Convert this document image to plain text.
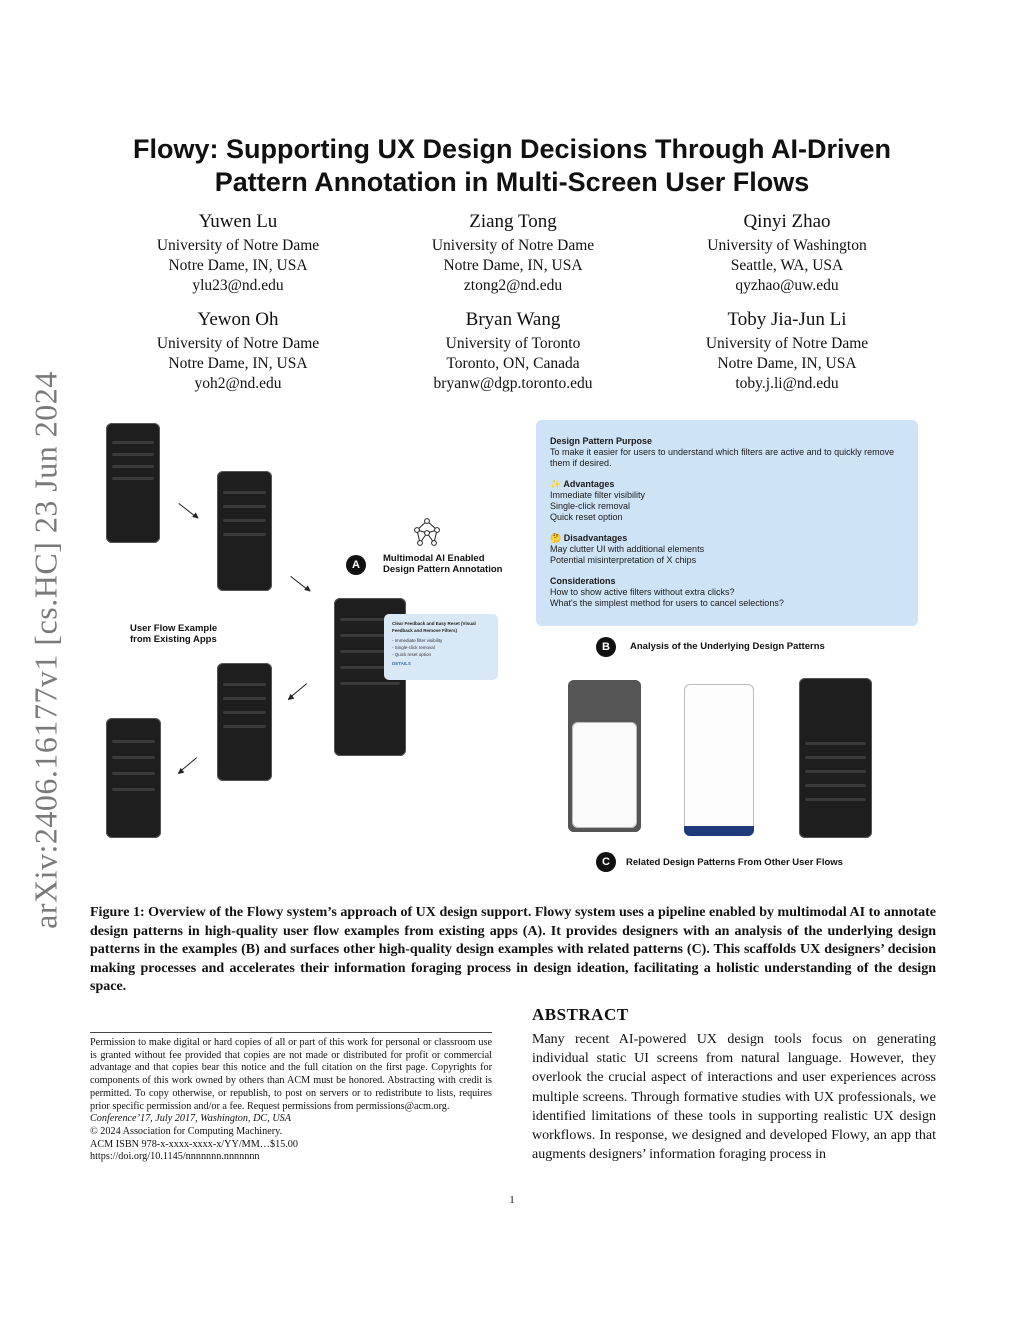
arXiv:2406.16177v1 [cs.HC] 23 Jun 2024
Flowy: Supporting UX Design Decisions Through AI-Driven
Pattern Annotation in Multi-Screen User Flows
Yuwen Lu
University of Notre Dame
Notre Dame, IN, USA
ylu23@nd.edu
Ziang Tong
University of Notre Dame
Notre Dame, IN, USA
ztong2@nd.edu
Qinyi Zhao
University of Washington
Seattle, WA, USA
qyzhao@uw.edu
Yewon Oh
University of Notre Dame
Notre Dame, IN, USA
yoh2@nd.edu
Bryan Wang
University of Toronto
Toronto, ON, Canada
bryanw@dgp.toronto.edu
Toby Jia-Jun Li
University of Notre Dame
Notre Dame, IN, USA
toby.j.li@nd.edu
User Flow Example from Existing Apps
A
Multimodal AI Enabled Design Pattern Annotation
Clear Feedback and Easy Reset (Visual Feedback and Remove Filters)
- Immediate filter visibility
- Single-click removal
- Quick reset option
DETAILS
Design Pattern Purpose
To make it easier for users to understand which filters are active and to quickly remove them if desired.
✨ Advantages
Immediate filter visibility
Single-click removal
Quick reset option
🤔 Disadvantages
May clutter UI with additional elements
Potential misinterpretation of X chips
Considerations
How to show active filters without extra clicks?
What's the simplest method for users to cancel selections?
B	Analysis of the Underlying Design Patterns
C	Related Design Patterns From Other User Flows
Figure 1: Overview of the Flowy system’s approach of UX design support. Flowy system uses a pipeline enabled by multimodal AI to annotate design patterns in high-quality user flow examples from existing apps (A). It provides designers with an analysis of the underlying design patterns in the examples (B) and surfaces other high-quality design examples with related patterns (C). This scaffolds UX designers’ decision making processes and accelerates their information foraging process in design ideation, facilitating a holistic understanding of the design space.
ABSTRACT
Many recent AI-powered UX design tools focus on generating individual static UI screens from natural language. However, they overlook the crucial aspect of interactions and user experiences across multiple screens. Through formative studies with UX professionals, we identified limitations of these tools in supporting realistic UX design workflows. In response, we designed and developed Flowy, an app that augments designers’ information foraging process in
Permission to make digital or hard copies of all or part of this work for personal or classroom use is granted without fee provided that copies are not made or distributed for profit or commercial advantage and that copies bear this notice and the full citation on the first page. Copyrights for components of this work owned by others than ACM must be honored. Abstracting with credit is permitted. To copy otherwise, or republish, to post on servers or to redistribute to lists, requires prior specific permission and/or a fee. Request permissions from permissions@acm.org.
Conference’17, July 2017, Washington, DC, USA
© 2024 Association for Computing Machinery.
ACM ISBN 978-x-xxxx-xxxx-x/YY/MM…$15.00
https://doi.org/10.1145/nnnnnnn.nnnnnnn
1
